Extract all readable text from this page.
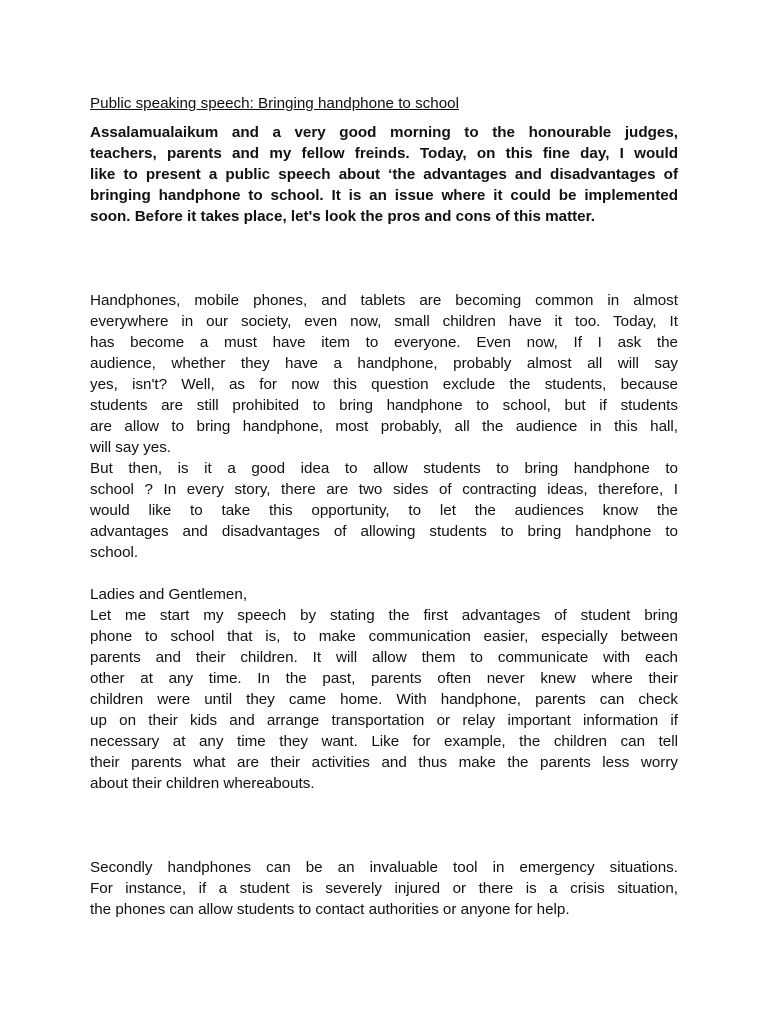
Public speaking speech: Bringing handphone to school
Assalamualaikum and a very good morning to the honourable judges,
teachers, parents and my fellow freinds. Today, on this fine day, I would
like to present a public speech about ‘the advantages and disadvantages of
bringing handphone to school. It is an issue where it could be implemented
soon. Before it takes place, let's look the pros and cons of this matter.
Handphones, mobile phones, and tablets are becoming common in almost
everywhere in our society, even now, small children have it too. Today, It
has become a must have item to everyone. Even now, If I ask the
audience, whether they have a handphone, probably almost all will say
yes, isn't? Well, as for now this question exclude the students, because
students are still prohibited to bring handphone to school, but if students
are allow to bring handphone, most probably, all the audience in this hall,
will say yes.
But then, is it a good idea to allow students to bring handphone to
school ? In every story, there are two sides of contracting ideas, therefore, I
would like to take this opportunity, to let the audiences know the
advantages and disadvantages of allowing students to bring handphone to
school.
Ladies and Gentlemen,
Let me start my speech by stating the first advantages of student bring
phone to school that is, to make communication easier, especially between
parents and their children. It will allow them to communicate with each
other at any time. In the past, parents often never knew where their
children were until they came home. With handphone, parents can check
up on their kids and arrange transportation or relay important information if
necessary at any time they want. Like for example, the children can tell
their parents what are their activities and thus make the parents less worry
about their children whereabouts.
Secondly handphones can be an invaluable tool in emergency situations.
For instance, if a student is severely injured or there is a crisis situation,
the phones can allow students to contact authorities or anyone for help.
